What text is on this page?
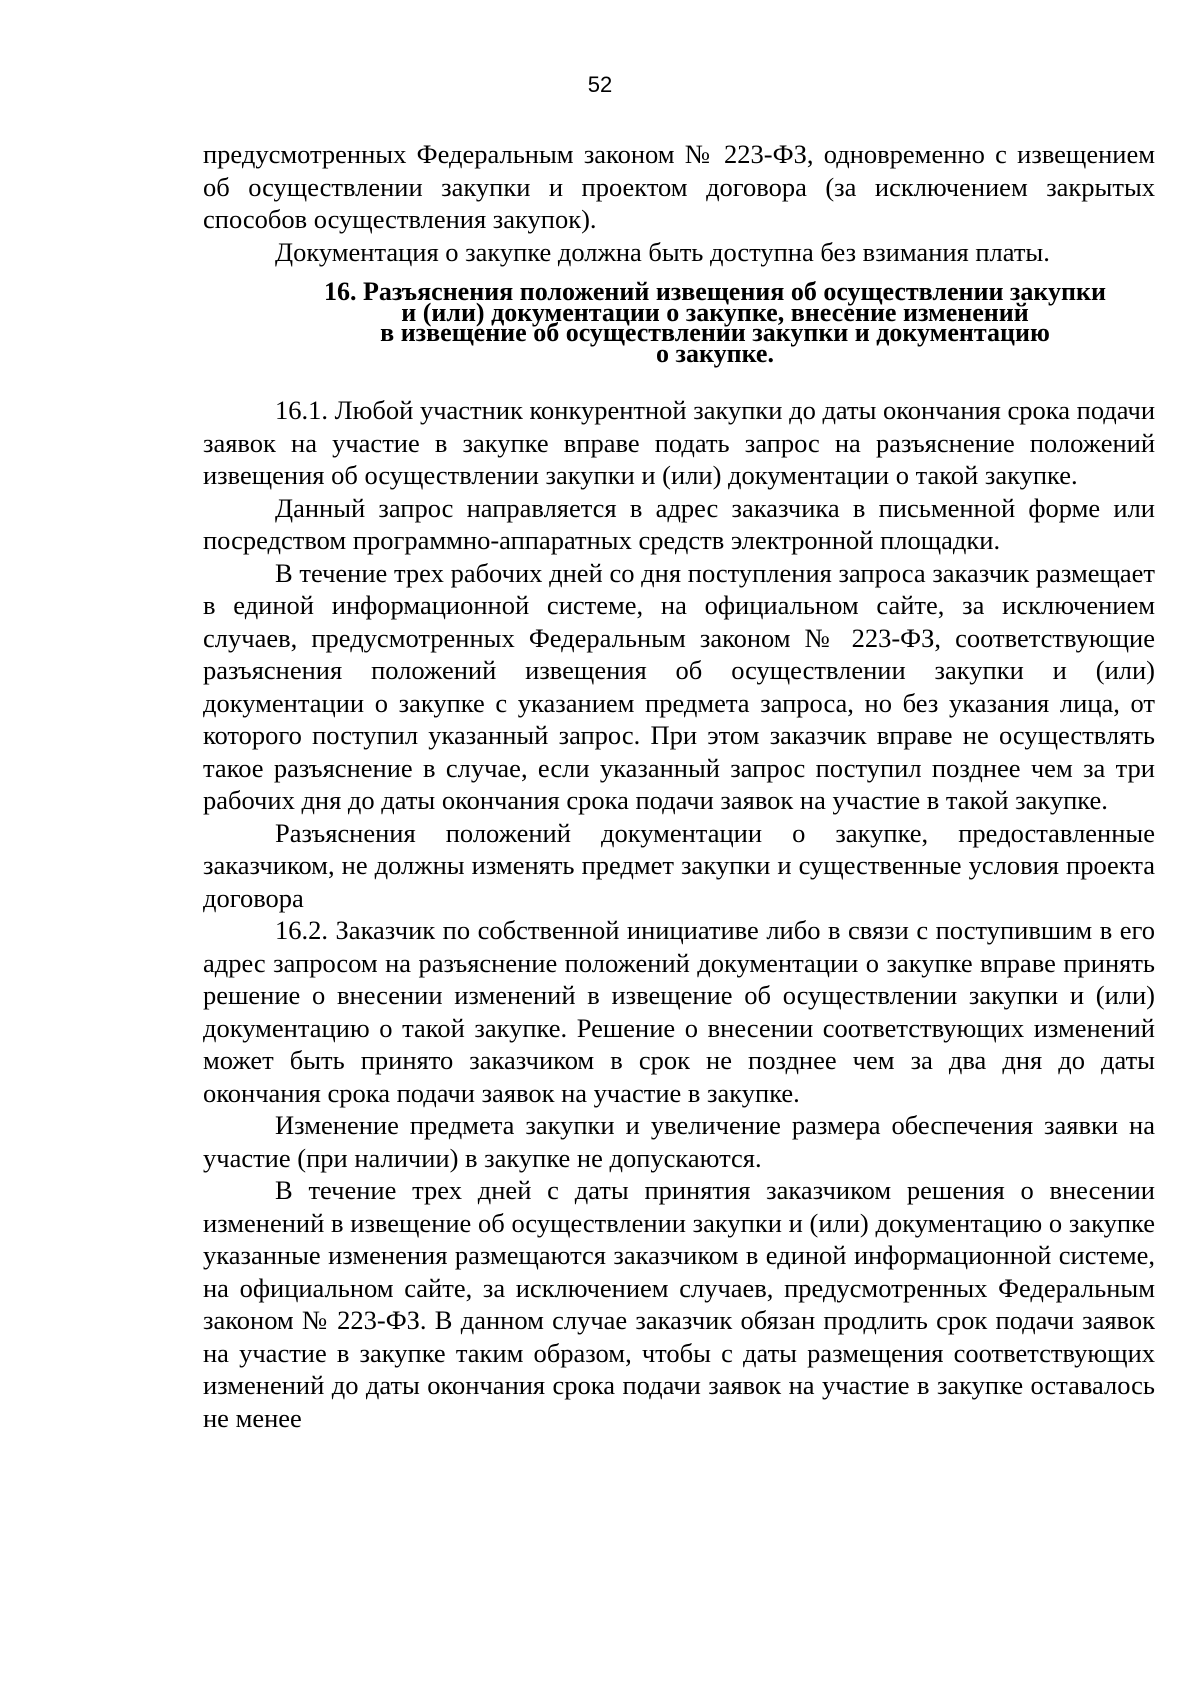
52

предусмотренных Федеральным законом № 223-ФЗ, одновременно с извещением об осуществлении закупки и проектом договора (за исключением закрытых способов осуществления закупок).

Документация о закупке должна быть доступна без взимания платы.

16. Разъяснения положений извещения об осуществлении закупки
и (или) документации о закупке, внесение изменений
в извещение об осуществлении закупки и документацию
о закупке.

16.1. Любой участник конкурентной закупки до даты окончания срока подачи заявок на участие в закупке вправе подать запрос на разъяснение положений извещения об осуществлении закупки и (или) документации о такой закупке.

Данный запрос направляется в адрес заказчика в письменной форме или посредством программно-аппаратных средств электронной площадки.

В течение трех рабочих дней со дня поступления запроса заказчик размещает в единой информационной системе, на официальном сайте, за исключением случаев, предусмотренных Федеральным законом № 223-ФЗ, соответствующие разъяснения положений извещения об осуществлении закупки и (или) документации о закупке с указанием предмета запроса, но без указания лица, от которого поступил указанный запрос. При этом заказчик вправе не осуществлять такое разъяснение в случае, если указанный запрос поступил позднее чем за три рабочих дня до даты окончания срока подачи заявок на участие в такой закупке.

Разъяснения положений документации о закупке, предоставленные заказчиком, не должны изменять предмет закупки и существенные условия проекта договора

16.2. Заказчик по собственной инициативе либо в связи с поступившим в его адрес запросом на разъяснение положений документации о закупке вправе принять решение о внесении изменений в извещение об осуществлении закупки и (или) документацию о такой закупке. Решение о внесении соответствующих изменений может быть принято заказчиком в срок не позднее чем за два дня до даты окончания срока подачи заявок на участие в закупке.

Изменение предмета закупки и увеличение размера обеспечения заявки на участие (при наличии) в закупке не допускаются.

В течение трех дней с даты принятия заказчиком решения о внесении изменений в извещение об осуществлении закупки и (или) документацию о закупке указанные изменения размещаются заказчиком в единой информационной системе, на официальном сайте, за исключением случаев, предусмотренных Федеральным законом № 223-ФЗ. В данном случае заказчик обязан продлить срок подачи заявок на участие в закупке таким образом, чтобы с даты размещения соответствующих изменений до даты окончания срока подачи заявок на участие в закупке оставалось не менее
